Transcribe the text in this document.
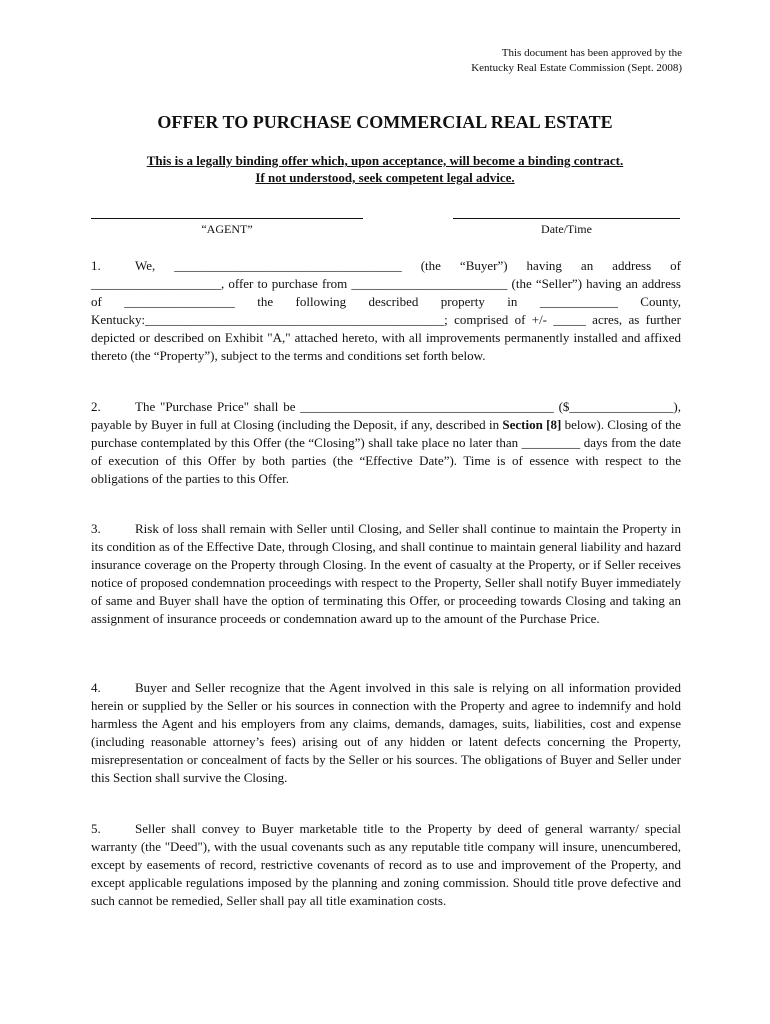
This document has been approved by the
Kentucky Real Estate Commission (Sept. 2008)
OFFER TO PURCHASE COMMERCIAL REAL ESTATE
This is a legally binding offer which, upon acceptance, will become a binding contract.
If not understood, seek competent legal advice.
“AGENT”	Date/Time
1.	We, ___________________________________ (the “Buyer”) having an address of ____________________, offer to purchase from ________________________ (the “Seller”) having an address of _________________ the following described property in ____________ County, Kentucky:______________________________________________; comprised of +/- _____ acres, as further depicted or described on Exhibit "A," attached hereto, with all improvements permanently installed and affixed thereto (the “Property”), subject to the terms and conditions set forth below.
2.	The "Purchase Price" shall be _______________________________________ ($________________), payable by Buyer in full at Closing (including the Deposit, if any, described in Section [8] below). Closing of the purchase contemplated by this Offer (the “Closing”) shall take place no later than _________ days from the date of execution of this Offer by both parties (the “Effective Date”). Time is of essence with respect to the obligations of the parties to this Offer.
3.	Risk of loss shall remain with Seller until Closing, and Seller shall continue to maintain the Property in its condition as of the Effective Date, through Closing, and shall continue to maintain general liability and hazard insurance coverage on the Property through Closing. In the event of casualty at the Property, or if Seller receives notice of proposed condemnation proceedings with respect to the Property, Seller shall notify Buyer immediately of same and Buyer shall have the option of terminating this Offer, or proceeding towards Closing and taking an assignment of insurance proceeds or condemnation award up to the amount of the Purchase Price.
4.	Buyer and Seller recognize that the Agent involved in this sale is relying on all information provided herein or supplied by the Seller or his sources in connection with the Property and agree to indemnify and hold harmless the Agent and his employers from any claims, demands, damages, suits, liabilities, cost and expense (including reasonable attorney’s fees) arising out of any hidden or latent defects concerning the Property, misrepresentation or concealment of facts by the Seller or his sources. The obligations of Buyer and Seller under this Section shall survive the Closing.
5.	Seller shall convey to Buyer marketable title to the Property by deed of general warranty/ special warranty (the "Deed"), with the usual covenants such as any reputable title company will insure, unencumbered, except by easements of record, restrictive covenants of record as to use and improvement of the Property, and except applicable regulations imposed by the planning and zoning commission. Should title prove defective and such cannot be remedied, Seller shall pay all title examination costs.
